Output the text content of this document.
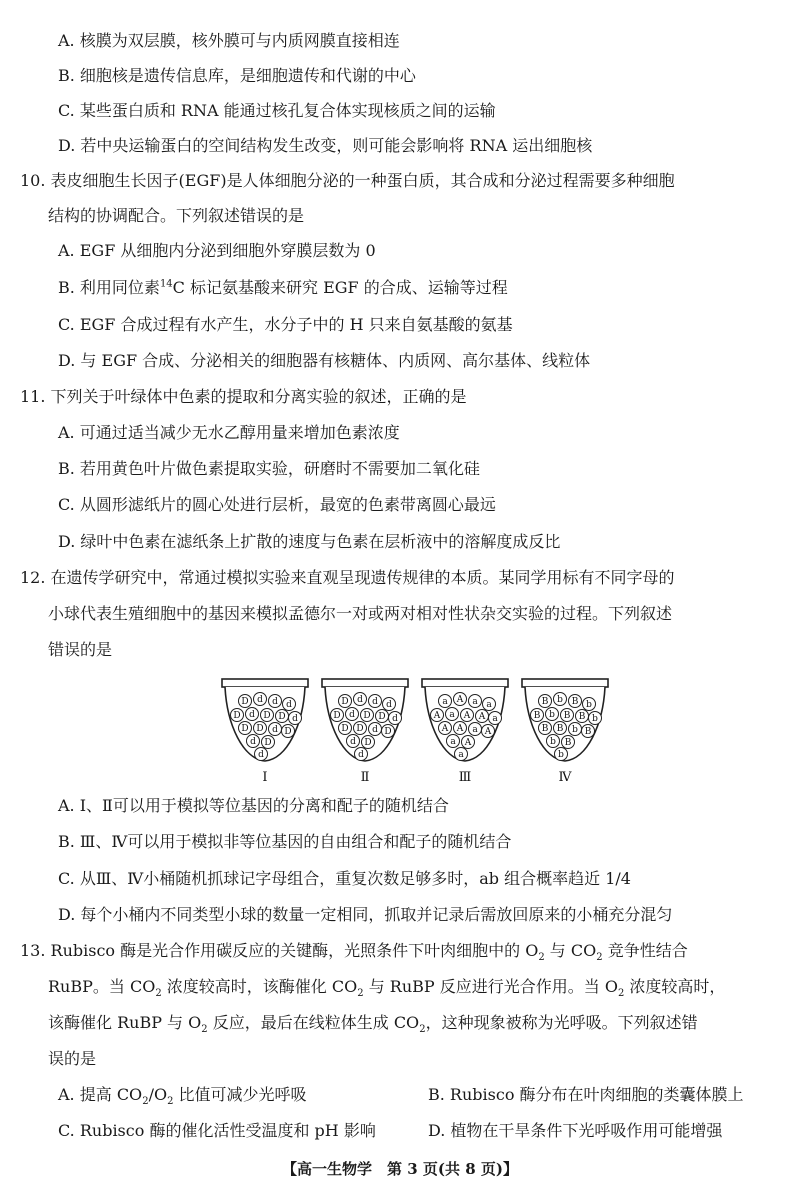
A. 核膜为双层膜，核外膜可与内质网膜直接相连
B. 细胞核是遗传信息库，是细胞遗传和代谢的中心
C. 某些蛋白质和 RNA 能通过核孔复合体实现核质之间的运输
D. 若中央运输蛋白的空间结构发生改变，则可能会影响将 RNA 运出细胞核
10. 表皮细胞生长因子(EGF)是人体细胞分泌的一种蛋白质，其合成和分泌过程需要多种细胞
结构的协调配合。下列叙述错误的是
A. EGF 从细胞内分泌到细胞外穿膜层数为 0
B. 利用同位素$^{14}$C 标记氨基酸来研究 EGF 的合成、运输等过程
C. EGF 合成过程有水产生，水分子中的 H 只来自氨基酸的氨基
D. 与 EGF 合成、分泌相关的细胞器有核糖体、内质网、高尔基体、线粒体
11. 下列关于叶绿体中色素的提取和分离实验的叙述，正确的是
A. 可通过适当减少无水乙醇用量来增加色素浓度
B. 若用黄色叶片做色素提取实验，研磨时不需要加二氧化硅
C. 从圆形滤纸片的圆心处进行层析，最宽的色素带离圆心最远
D. 绿叶中色素在滤纸条上扩散的速度与色素在层析液中的溶解度成反比
12. 在遗传学研究中，常通过模拟实验来直观呈现遗传规律的本质。某同学用标有不同字母的
小球代表生殖细胞中的基因来模拟孟德尔一对或两对相对性状杂交实验的过程。下列叙述
错误的是
D d d d
D d D D d
D D d D
d D
d
Ⅰ
D d d d
D d D D d
D D d D
d D
d
Ⅱ
a A a a
A a A A a
A A a A
a A
a
Ⅲ
B b B b
B b B B b
B B b B
b B
b
Ⅳ
A. Ⅰ、Ⅱ可以用于模拟等位基因的分离和配子的随机结合
B. Ⅲ、Ⅳ可以用于模拟非等位基因的自由组合和配子的随机结合
C. 从Ⅲ、Ⅳ小桶随机抓球记字母组合，重复次数足够多时，ab 组合概率趋近 1/4
D. 每个小桶内不同类型小球的数量一定相同，抓取并记录后需放回原来的小桶充分混匀
13. Rubisco 酶是光合作用碳反应的关键酶，光照条件下叶肉细胞中的 $O_2$ 与 $CO_2$ 竞争性结合
RuBP。当 $CO_2$ 浓度较高时，该酶催化 $CO_2$ 与 RuBP 反应进行光合作用。当 $O_2$ 浓度较高时，
该酶催化 RuBP 与 $O_2$ 反应，最后在线粒体生成 $CO_2$，这种现象被称为光呼吸。下列叙述错
误的是
A. 提高 $CO_2/O_2$ 比值可减少光呼吸	B. Rubisco 酶分布在叶肉细胞的类囊体膜上
C. Rubisco 酶的催化活性受温度和 pH 影响	D. 植物在干旱条件下光呼吸作用可能增强
【高一生物学　第 3 页(共 8 页)】
